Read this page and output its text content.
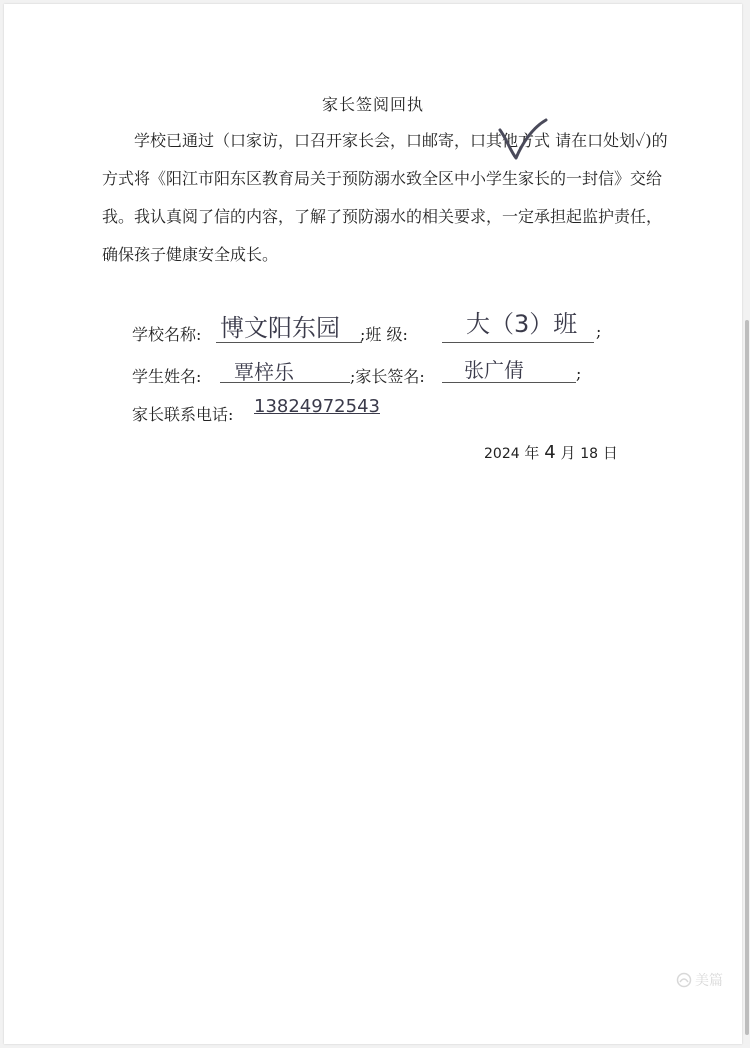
家长签阅回执

学校已通过（口家访，口召开家长会，口邮寄，口其他方式 请在口处划✓)的方式将《阳江市阳东区教育局关于预防溺水致全区中小学生家长的一封信》交给我。我认真阅了信的内容，了解了预防溺水的相关要求，一定承担起监护责任，确保孩子健康安全成长。

学校名称: 博文阳东园 ;班 级: 大（3）班 ;
学生姓名: 覃梓乐	;家长签名: 张广倩	;
家长联系电话: 13824972543
2024 年 4 月 18 日
美篇
